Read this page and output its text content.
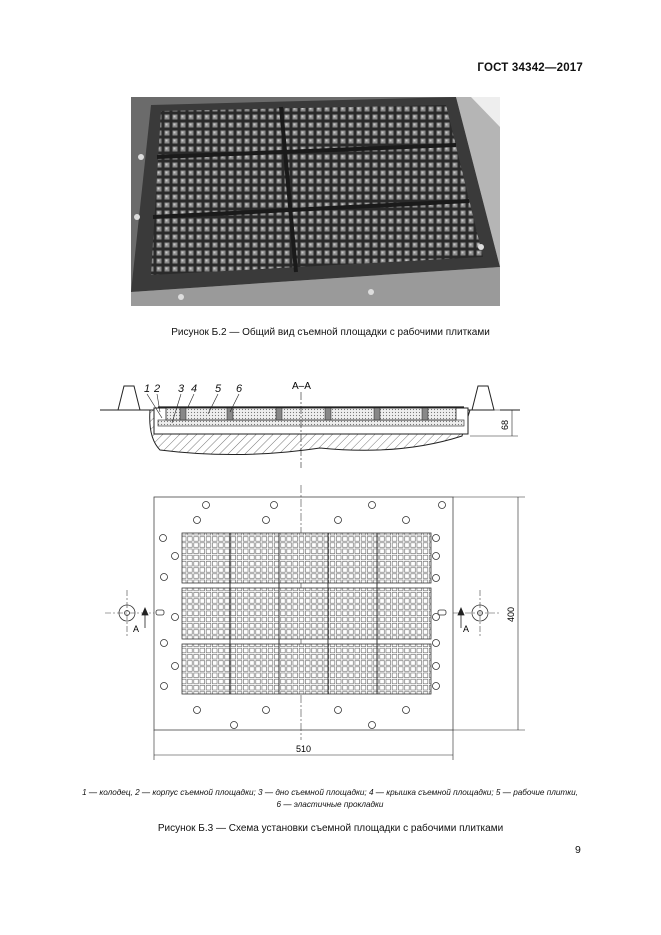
ГОСТ 34342—2017
Рисунок Б.2 — Общий вид съемной площадки с рабочими плитками
1 2 3 4 5 6	А–А
68
А	А
510
400
1 — колодец, 2 — корпус съемной площадки; 3 — дно съемной площадки; 4 — крышка съемной площадки; 5 — рабочие плитки,
6 — эластичные прокладки
Рисунок Б.3 — Схема установки съемной площадки с рабочими плитками
9
